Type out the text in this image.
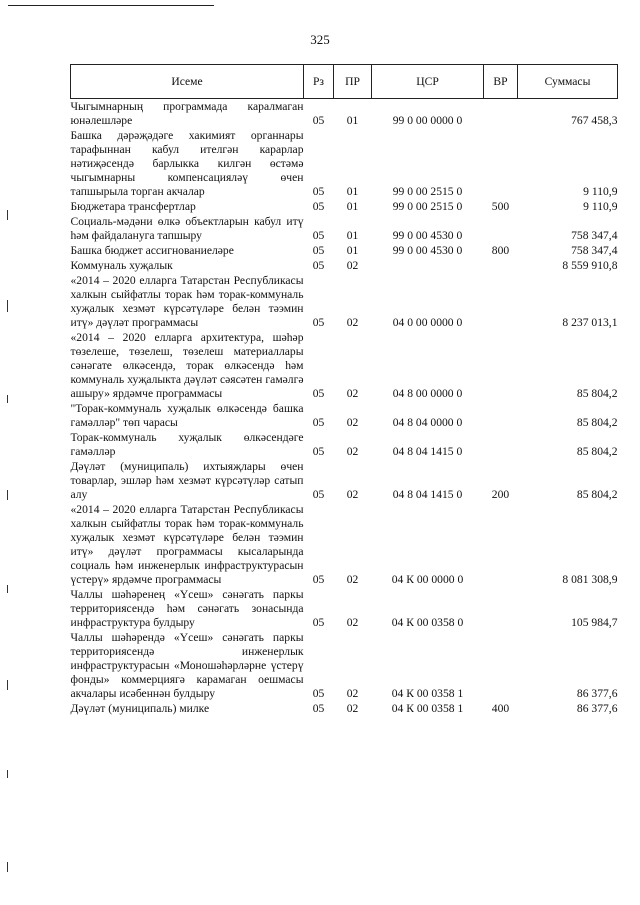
325
Исеме	Рз	ПР	ЦСР	ВР	Суммасы
Чыгымнарның программада каралмаган юнәлешләре	05	01	99 0 00 0000 0		767 458,3
Башка дәрәҗәдәге хакимият органнары тарафыннан кабул ителгән карарлар нәтиҗәсендә барлыкка килгән өстәмә чыгымнарны компенсацияләү өчен тапшырыла торган акчалар	05	01	99 0 00 2515 0		9 110,9
Бюджетара трансфертлар	05	01	99 0 00 2515 0	500	9 110,9
Социаль-мәдәни өлкә объектларын кабул итү һәм файдалануга тапшыру	05	01	99 0 00 4530 0		758 347,4
Башка бюджет ассигнованиеләре	05	01	99 0 00 4530 0	800	758 347,4
Коммуналь хуҗалык	05	02			8 559 910,8
«2014 – 2020 елларга Татарстан Республикасы халкын сыйфатлы торак һәм торак-коммуналь хуҗалык хезмәт күрсәтүләре белән тәэмин итү» дәүләт программасы	05	02	04 0 00 0000 0		8 237 013,1
«2014 – 2020 елларга архитектура, шәһәр төзелеше, төзелеш, төзелеш материаллары сәнәгате өлкәсендә, торак өлкәсендә һәм коммуналь хуҗалыкта дәүләт сәясәтен гамәлгә ашыру» ярдәмче программасы	05	02	04 8 00 0000 0		85 804,2
"Торак-коммуналь хуҗалык өлкәсендә башка гамәлләр" төп чарасы	05	02	04 8 04 0000 0		85 804,2
Торак-коммуналь хуҗалык өлкәсендәге гамәлләр	05	02	04 8 04 1415 0		85 804,2
Дәүләт (муниципаль) ихтыяҗлары өчен товарлар, эшләр һәм хезмәт күрсәтүләр сатып алу	05	02	04 8 04 1415 0	200	85 804,2
«2014 – 2020 елларга Татарстан Республикасы халкын сыйфатлы торак һәм торак-коммуналь хуҗалык хезмәт күрсәтүләре белән тәэмин итү» дәүләт программасы кысаларында социаль һәм инженерлык инфраструктурасын үстерү» ярдәмче программасы	05	02	04 К 00 0000 0		8 081 308,9
Чаллы шәһәренең «Үсеш» сәнәгать паркы территориясендә һәм сәнәгать зонасында инфраструктура булдыру	05	02	04 К 00 0358 0		105 984,7
Чаллы шәһәрендә «Үсеш» сәнәгать паркы территориясендә инженерлык инфраструктурасын «Моношәһәрләрне үстерү фонды» коммерциягә карамаган оешмасы акчалары исәбеннән булдыру	05	02	04 К 00 0358 1		86 377,6
Дәүләт (муниципаль) милке	05	02	04 К 00 0358 1	400	86 377,6
